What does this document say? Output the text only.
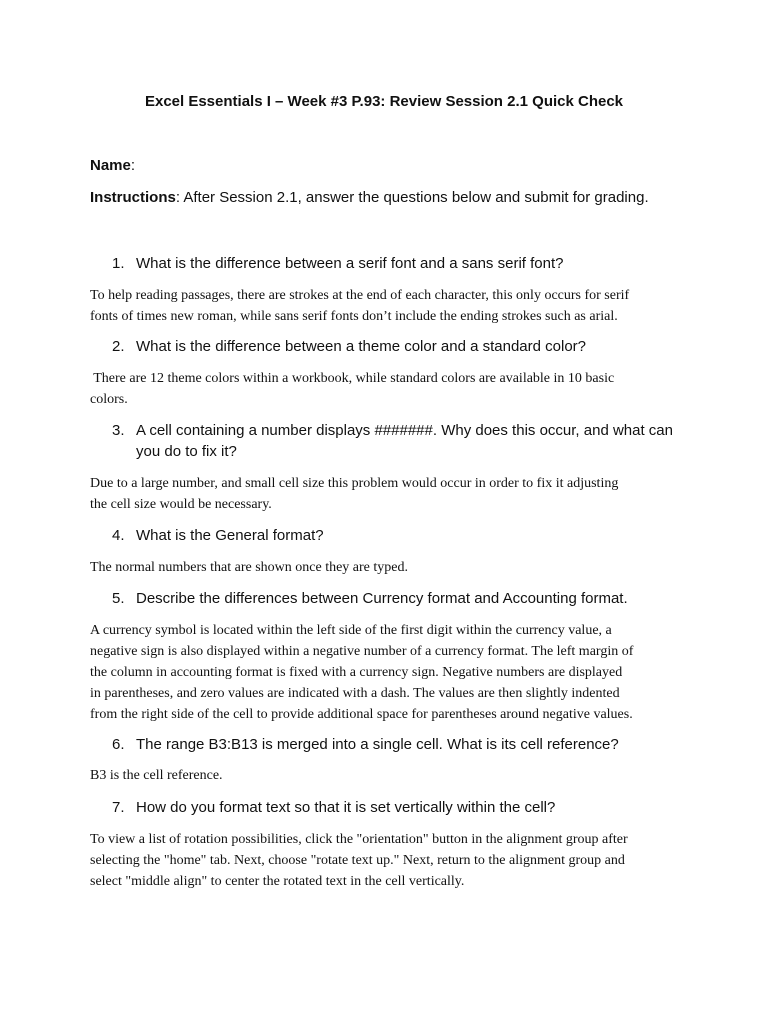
Excel Essentials I – Week #3 P.93: Review Session 2.1 Quick Check
Name:
Instructions: After Session 2.1, answer the questions below and submit for grading.
1. What is the difference between a serif font and a sans serif font?
To help reading passages, there are strokes at the end of each character, this only occurs for serif
fonts of times new roman, while sans serif fonts don’t include the ending strokes such as arial.
2. What is the difference between a theme color and a standard color?
There are 12 theme colors within a workbook, while standard colors are available in 10 basic
colors.
3. A cell containing a number displays #######. Why does this occur, and what can you do to fix it?
Due to a large number, and small cell size this problem would occur in order to fix it adjusting
the cell size would be necessary.
4. What is the General format?
The normal numbers that are shown once they are typed.
5. Describe the differences between Currency format and Accounting format.
A currency symbol is located within the left side of the first digit within the currency value, a
negative sign is also displayed within a negative number of a currency format. The left margin of
the column in accounting format is fixed with a currency sign. Negative numbers are displayed
in parentheses, and zero values are indicated with a dash. The values are then slightly indented
from the right side of the cell to provide additional space for parentheses around negative values.
6. The range B3:B13 is merged into a single cell. What is its cell reference?
B3 is the cell reference.
7. How do you format text so that it is set vertically within the cell?
To view a list of rotation possibilities, click the "orientation" button in the alignment group after
selecting the "home" tab. Next, choose "rotate text up." Next, return to the alignment group and
select "middle align" to center the rotated text in the cell vertically.
